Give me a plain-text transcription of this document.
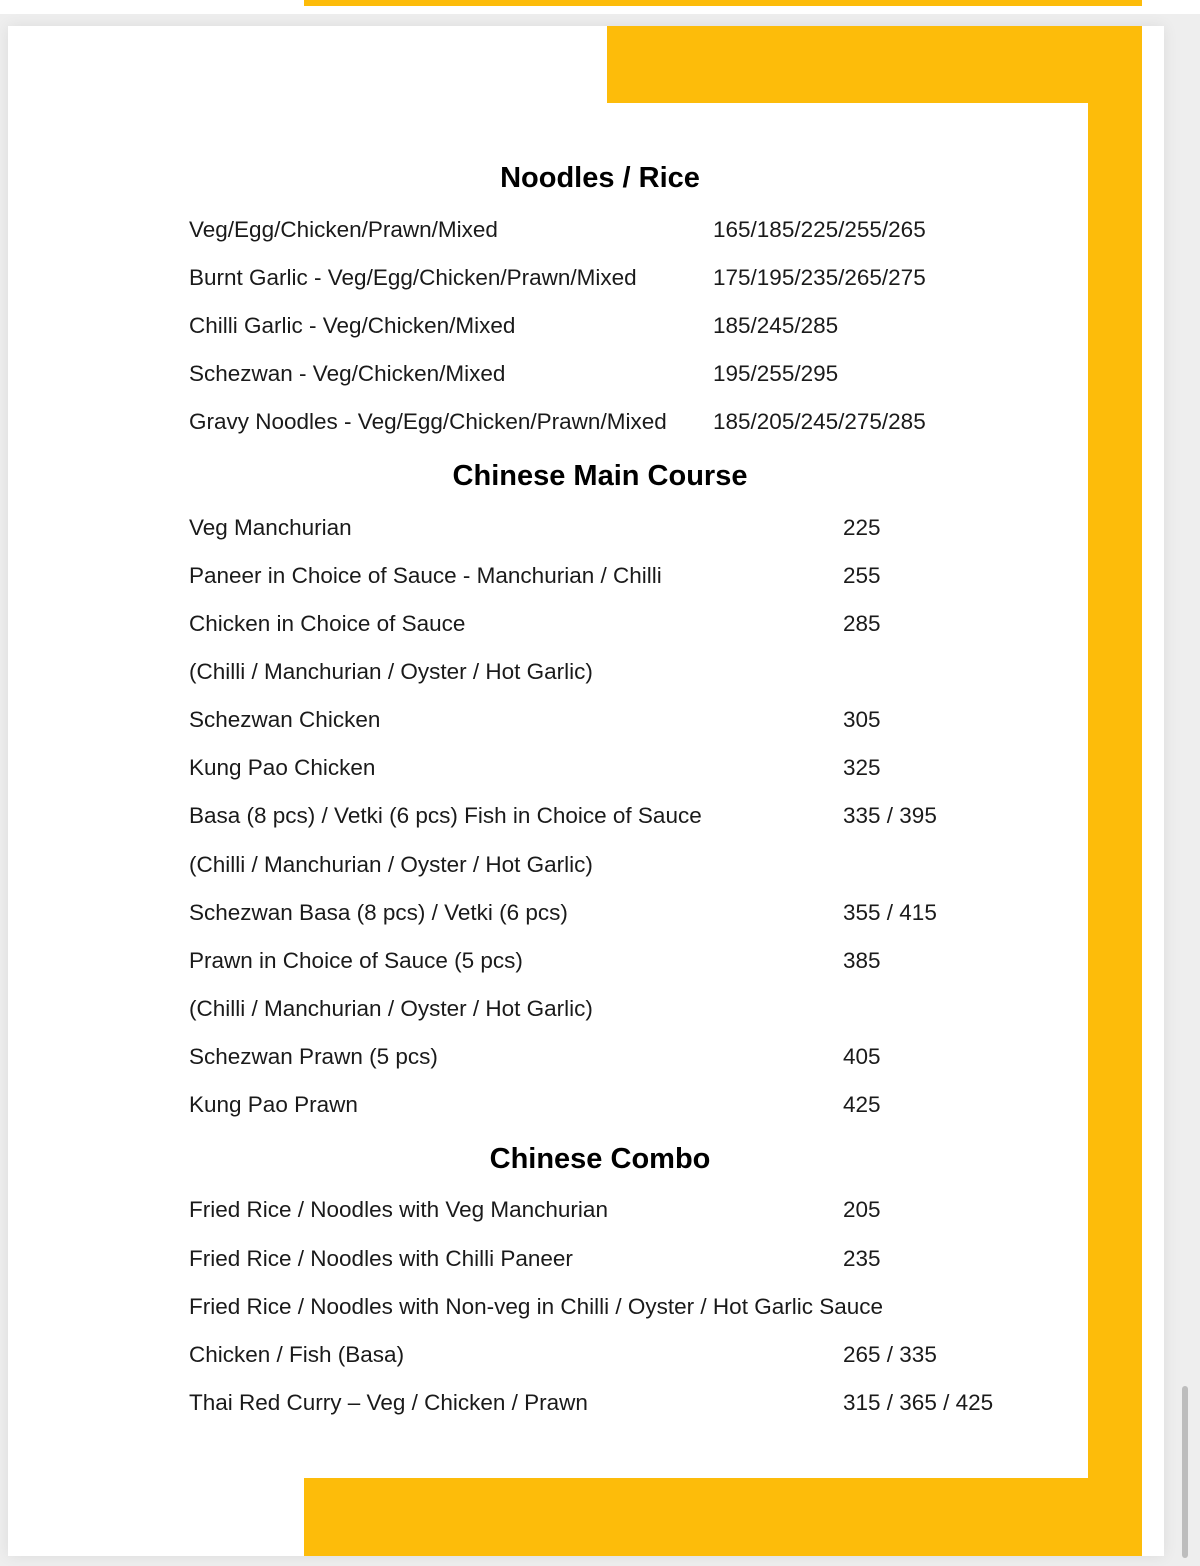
Noodles / Rice
Veg/Egg/Chicken/Prawn/Mixed	165/185/225/255/265
Burnt Garlic - Veg/Egg/Chicken/Prawn/Mixed	175/195/235/265/275
Chilli Garlic - Veg/Chicken/Mixed	185/245/285
Schezwan - Veg/Chicken/Mixed	195/255/295
Gravy Noodles - Veg/Egg/Chicken/Prawn/Mixed 185/205/245/275/285
Chinese Main Course
Veg Manchurian	225
Paneer in Choice of Sauce - Manchurian / Chilli	255
Chicken in Choice of Sauce	285
(Chilli / Manchurian / Oyster / Hot Garlic)
Schezwan Chicken	305
Kung Pao Chicken	325
Basa (8 pcs) / Vetki (6 pcs) Fish in Choice of Sauce	335 / 395
(Chilli / Manchurian / Oyster / Hot Garlic)
Schezwan Basa (8 pcs) / Vetki (6 pcs)	355 / 415
Prawn in Choice of Sauce (5 pcs)	385
(Chilli / Manchurian / Oyster / Hot Garlic)
Schezwan Prawn (5 pcs)	405
Kung Pao Prawn	425
Chinese Combo
Fried Rice / Noodles with Veg Manchurian	205
Fried Rice / Noodles with Chilli Paneer	235
Fried Rice / Noodles with Non-veg in Chilli / Oyster / Hot Garlic Sauce
Chicken / Fish (Basa)	265 / 335
Thai Red Curry – Veg / Chicken / Prawn	315 / 365 / 425
